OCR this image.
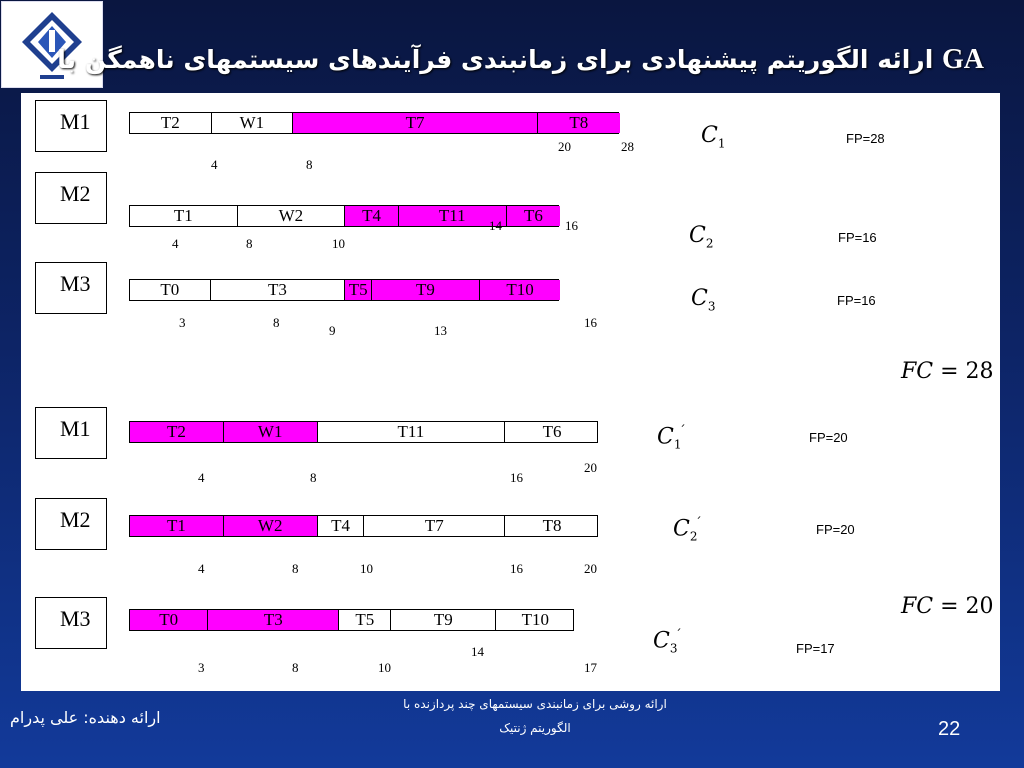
GA ارائه الگوریتم پیشنهادی برای زمانبندی فرآیندهای سیستمهای ناهمگن با
M1	T2	W1	T7	T8
4	8
20	28	$C_1$	FP=28
M2
T1	W2	T4	T11	T6
4	8	10
14	16	$C_2$	FP=16
M3	T0	T3	T5	T9	T10
3	8
9	13
16
$C_3$	FP=16
M1	T2	W1	T11	T6
4	8	16
20
$C_1'$	FP=20
M2	T1	W2	T4	T7	T8
4	8	10	16	20
$C_2'$	FP=20
M3	T0	T3	T5	T9	T10
3	8	10
14
17
$C_3'$
FP=17
FC = 28
FC = 20
ارائه دهنده: علی پدرام
ارائه روشی برای زمانبندی سیستمهای چند پردازنده با
الگوریتم ژنتیک	22
